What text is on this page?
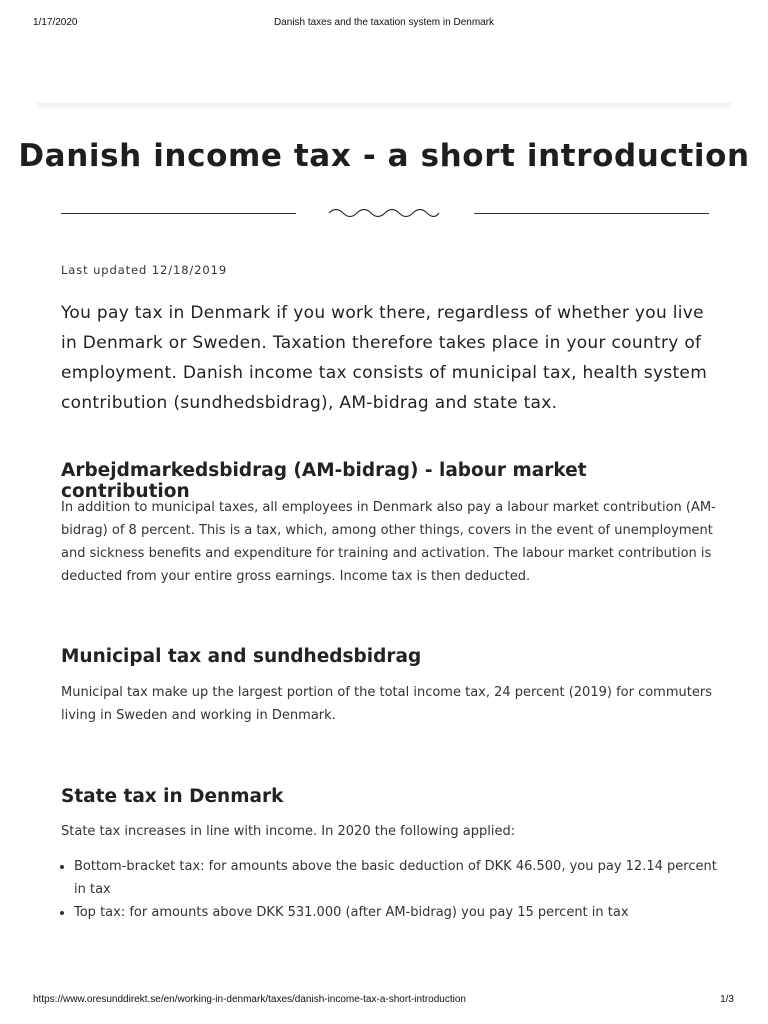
1/17/2020	Danish taxes and the taxation system in Denmark
Danish income tax - a short introduction
Last updated 12/18/2019

You pay tax in Denmark if you work there, regardless of whether you live in Denmark or Sweden. Taxation therefore takes place in your country of employment. Danish income tax consists of municipal tax, health system contribution (sundhedsbidrag), AM-bidrag and state tax.

Arbejdmarkedsbidrag (AM-bidrag) - labour market contribution

In addition to municipal taxes, all employees in Denmark also pay a labour market contribution (AM-bidrag) of 8 percent. This is a tax, which, among other things, covers in the event of unemployment and sickness benefits and expenditure for training and activation. The labour market contribution is deducted from your entire gross earnings. Income tax is then deducted.

Municipal tax and sundhedsbidrag

Municipal tax make up the largest portion of the total income tax, 24 percent (2019) for commuters living in Sweden and working in Denmark.

State tax in Denmark

State tax increases in line with income. In 2020 the following applied:

• Bottom-bracket tax: for amounts above the basic deduction of DKK 46.500, you pay 12.14 percent in tax
• Top tax: for amounts above DKK 531.000 (after AM-bidrag) you pay 15 percent in tax
https://www.oresunddirekt.se/en/working-in-denmark/taxes/danish-income-tax-a-short-introduction	1/3
